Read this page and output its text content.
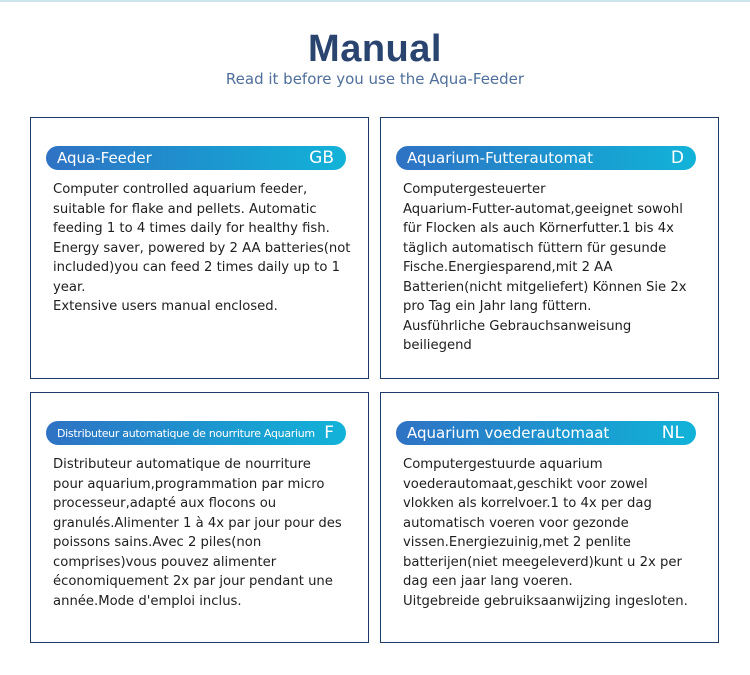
Manual
Read it before you use the Aqua-Feeder
Aqua-Feeder	GB
Computer controlled aquarium feeder,
suitable for flake and pellets. Automatic
feeding 1 to 4 times daily for healthy fish.
Energy saver, powered by 2 AA batteries(not
included)you can feed 2 times daily up to 1
year.
Extensive users manual enclosed.
Aquarium-Futterautomat	D
Computergesteuerter
Aquarium-Futter-automat,geeignet sowohl
für Flocken als auch Körnerfutter.1 bis 4x
täglich automatisch füttern für gesunde
Fische.Energiesparend,mit 2 AA
Batterien(nicht mitgeliefert) Können Sie 2x
pro Tag ein Jahr lang füttern.
Ausführliche Gebrauchsanweisung
beiliegend
Distributeur automatique de nourriture Aquarium F
Distributeur automatique de nourriture
pour aquarium,programmation par micro
processeur,adapté aux flocons ou
granulés.Alimenter 1 à 4x par jour pour des
poissons sains.Avec 2 piles(non
comprises)vous pouvez alimenter
économiquement 2x par jour pendant une
année.Mode d'emploi inclus.
Aquarium voederautomaat	NL
Computergestuurde aquarium
voederautomaat,geschikt voor zowel
vlokken als korrelvoer.1 to 4x per dag
automatisch voeren voor gezonde
vissen.Energiezuinig,met 2 penlite
batterijen(niet meegeleverd)kunt u 2x per
dag een jaar lang voeren.
Uitgebreide gebruiksaanwijzing ingesloten.
